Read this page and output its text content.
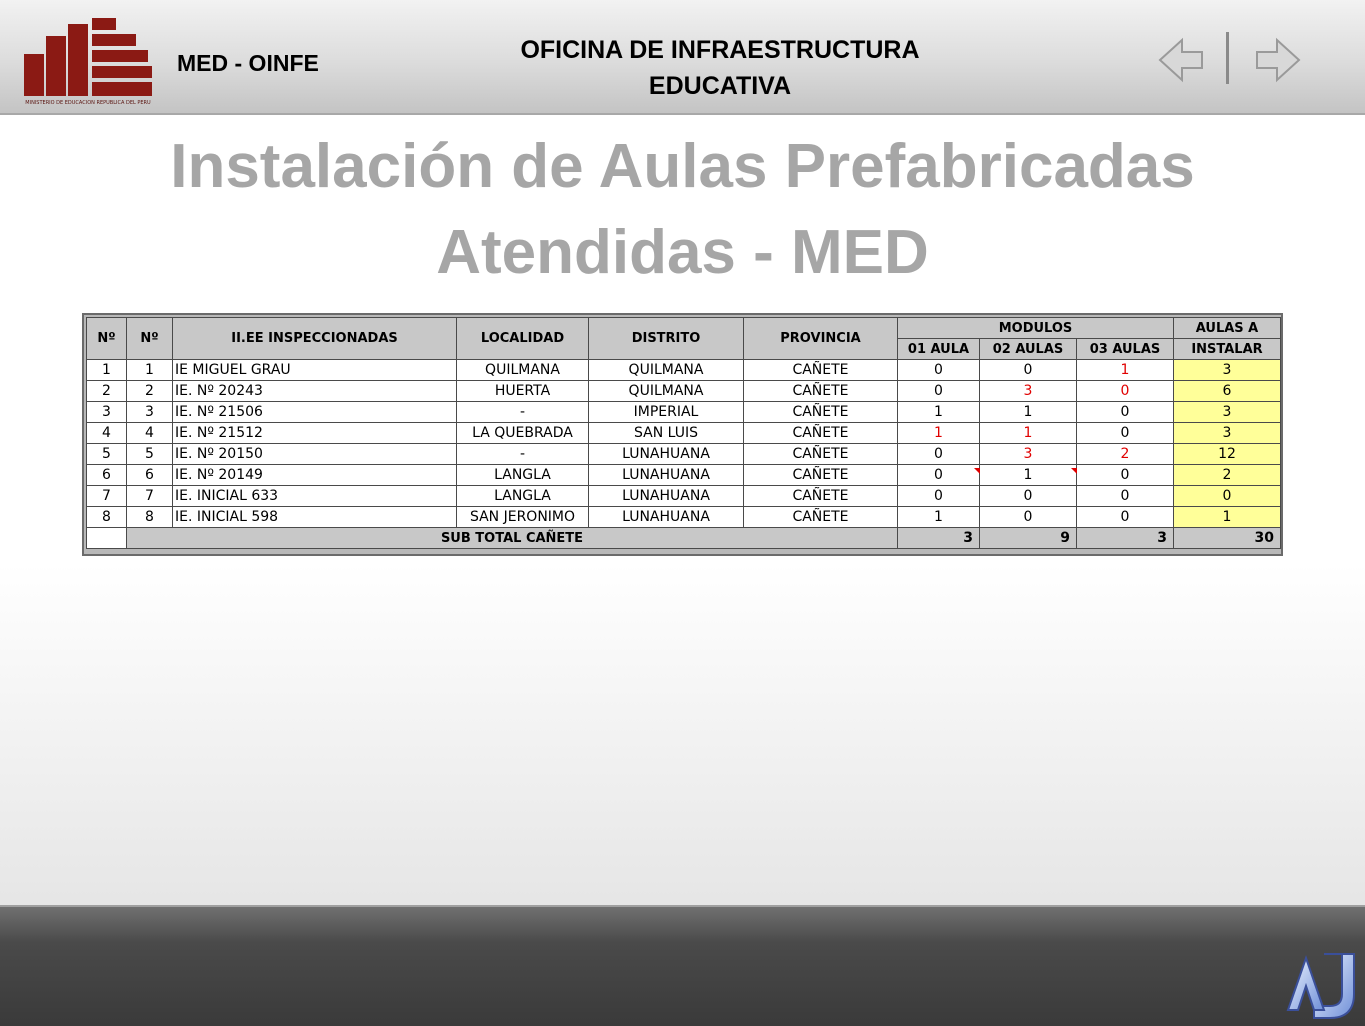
MINISTERIO DE EDUCACION REPUBLICA DEL PERU
MED - OINFE	OFICINA DE INFRAESTRUCTURA
EDUCATIVA
Instalación de Aulas Prefabricadas
Atendidas - MED
Nº	Nº	II.EE INSPECCIONADAS	LOCALIDAD	DISTRITO	PROVINCIA	MODULOS			AULAS A
						01 AULA	02 AULAS	03 AULAS	INSTALAR
1	1	IE MIGUEL GRAU	QUILMANA	QUILMANA	CAÑETE	0	0	1	3
2	2	IE. Nº 20243	HUERTA	QUILMANA	CAÑETE	0	3	0	6
3	3	IE. Nº 21506	-	IMPERIAL	CAÑETE	1	1	0	3
4	4	IE. Nº 21512	LA QUEBRADA	SAN LUIS	CAÑETE	1	1	0	3
5	5	IE. Nº 20150	-	LUNAHUANA	CAÑETE	0	3	2	12
6	6	IE. Nº 20149	LANGLA	LUNAHUANA	CAÑETE	0	1	0	2
7	7	IE. INICIAL 633	LANGLA	LUNAHUANA	CAÑETE	0	0	0	0
8	8	IE. INICIAL 598	SAN JERONIMO	LUNAHUANA	CAÑETE	1	0	0	1
	SUB TOTAL CAÑETE					3	9	3	30
